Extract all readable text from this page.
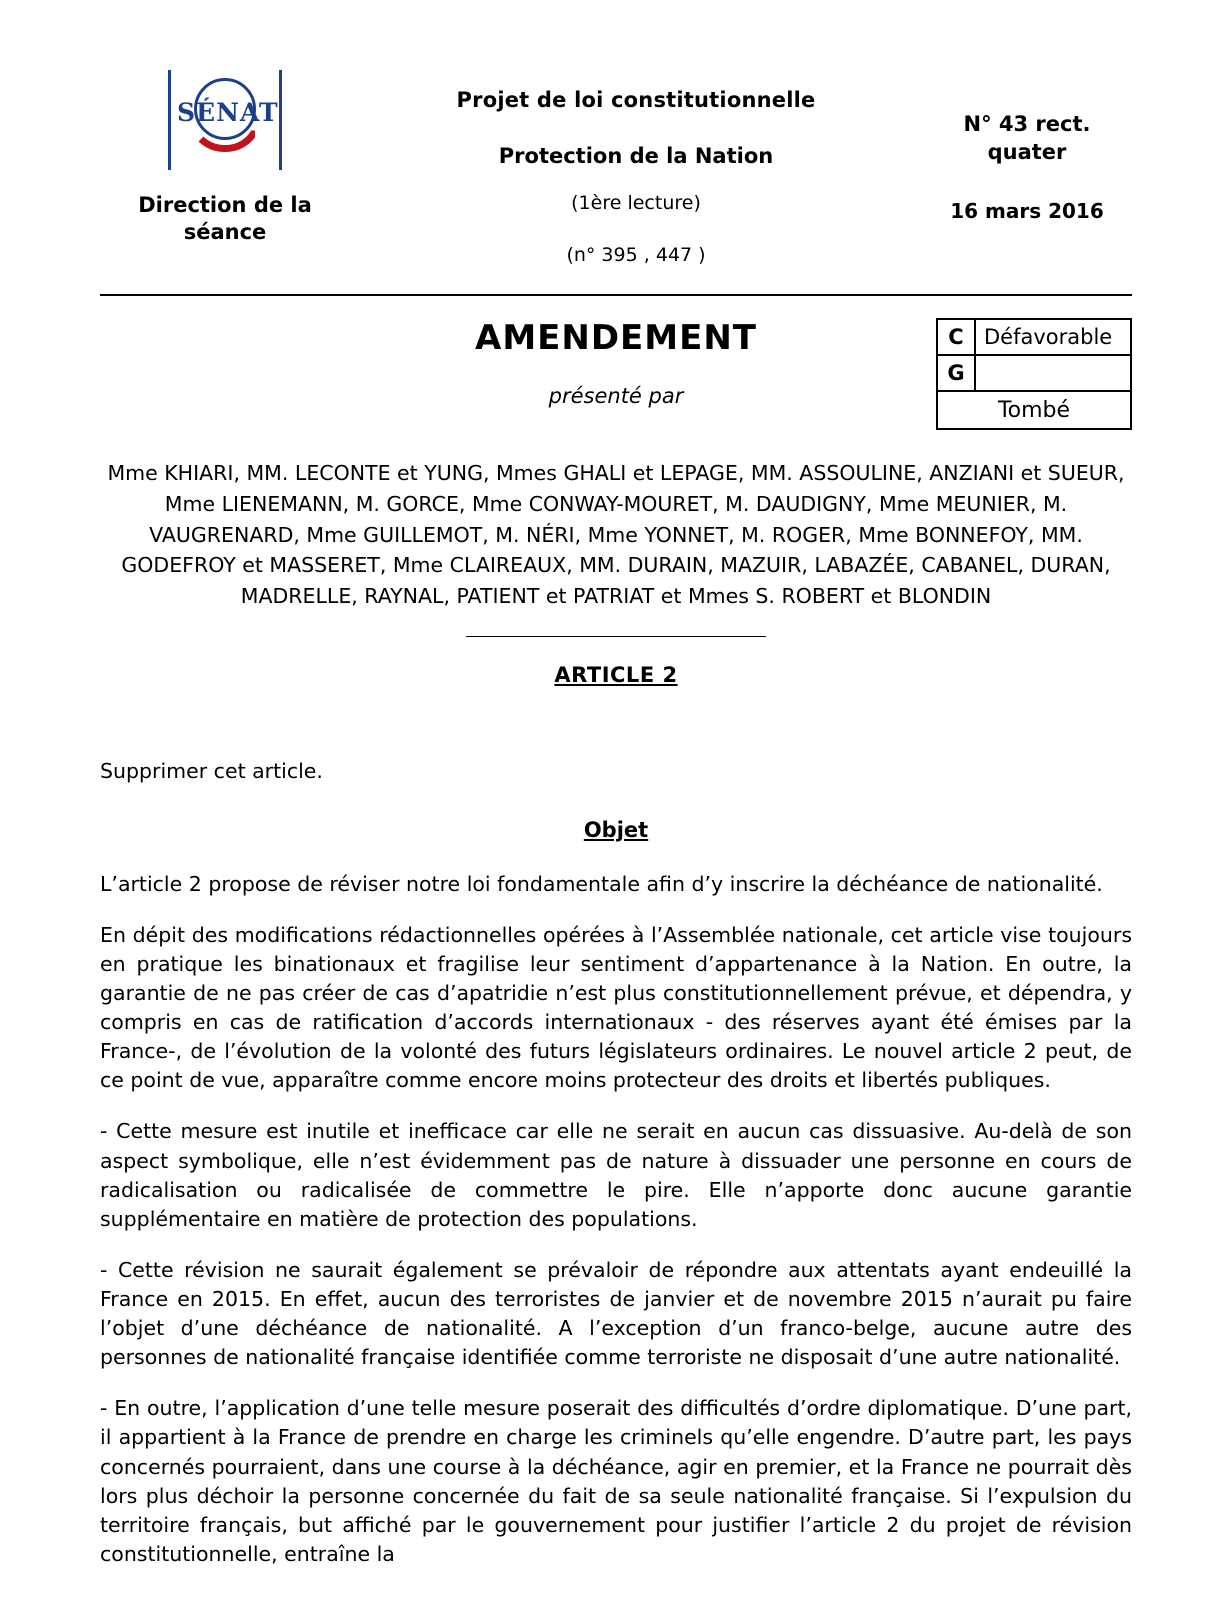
SÉNAT
Direction de la séance
Projet de loi constitutionnelle
Protection de la Nation
(1ère lecture)
(n° 395 , 447 )
N° 43 rect. quater
16 mars 2016
C	Défavorable
G	
Tombé	
AMENDEMENT
présenté par
Mme KHIARI, MM. LECONTE et YUNG, Mmes GHALI et LEPAGE, MM. ASSOULINE, ANZIANI et SUEUR, Mme LIENEMANN, M. GORCE, Mme CONWAY-MOURET, M. DAUDIGNY, Mme MEUNIER, M. VAUGRENARD, Mme GUILLEMOT, M. NÉRI, Mme YONNET, M. ROGER, Mme BONNEFOY, MM. GODEFROY et MASSERET, Mme CLAIREAUX, MM. DURAIN, MAZUIR, LABAZÉE, CABANEL, DURAN, MADRELLE, RAYNAL, PATIENT et PATRIAT et Mmes S. ROBERT et BLONDIN
ARTICLE 2

Supprimer cet article.

Objet

L’article 2 propose de réviser notre loi fondamentale afin d’y inscrire la déchéance de nationalité.

En dépit des modifications rédactionnelles opérées à l’Assemblée nationale, cet article vise toujours en pratique les binationaux et fragilise leur sentiment d’appartenance à la Nation. En outre, la garantie de ne pas créer de cas d’apatridie n’est plus constitutionnellement prévue, et dépendra, y compris en cas de ratification d’accords internationaux - des réserves ayant été émises par la France-, de l’évolution de la volonté des futurs législateurs ordinaires. Le nouvel article 2 peut, de ce point de vue, apparaître comme encore moins protecteur des droits et libertés publiques.

- Cette mesure est inutile et inefficace car elle ne serait en aucun cas dissuasive. Au-delà de son aspect symbolique, elle n’est évidemment pas de nature à dissuader une personne en cours de radicalisation ou radicalisée de commettre le pire. Elle n’apporte donc aucune garantie supplémentaire en matière de protection des populations.

- Cette révision ne saurait également se prévaloir de répondre aux attentats ayant endeuillé la France en 2015. En effet, aucun des terroristes de janvier et de novembre 2015 n’aurait pu faire l’objet d’une déchéance de nationalité. A l’exception d’un franco-belge, aucune autre des personnes de nationalité française identifiée comme terroriste ne disposait d’une autre nationalité.

- En outre, l’application d’une telle mesure poserait des difficultés d’ordre diplomatique. D’une part, il appartient à la France de prendre en charge les criminels qu’elle engendre. D’autre part, les pays concernés pourraient, dans une course à la déchéance, agir en premier, et la France ne pourrait dès lors plus déchoir la personne concernée du fait de sa seule nationalité française. Si l’expulsion du territoire français, but affiché par le gouvernement pour justifier l’article 2 du projet de révision constitutionnelle, entraîne la
